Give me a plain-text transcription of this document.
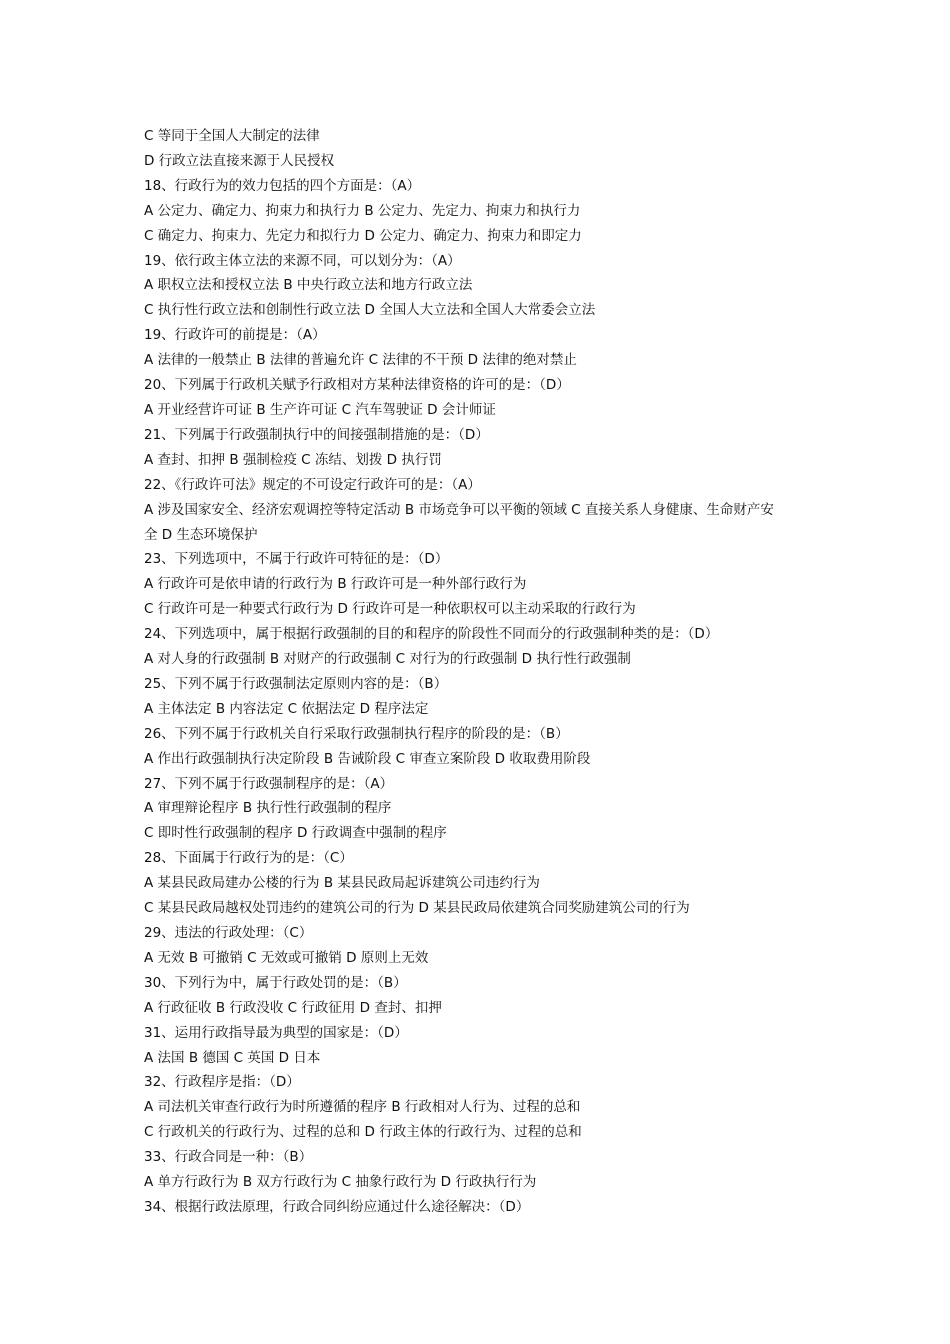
C 等同于全国人大制定的法律

D 行政立法直接来源于人民授权

18、行政行为的效力包括的四个方面是：（A）

A 公定力、确定力、拘束力和执行力 B 公定力、先定力、拘束力和执行力

C 确定力、拘束力、先定力和拟行力 D 公定力、确定力、拘束力和即定力

19、依行政主体立法的来源不同，可以划分为：（A）

A 职权立法和授权立法 B 中央行政立法和地方行政立法

C 执行性行政立法和创制性行政立法 D 全国人大立法和全国人大常委会立法

19、行政许可的前提是：（A）

A 法律的一般禁止 B 法律的普遍允许 C 法律的不干预 D 法律的绝对禁止

20、下列属于行政机关赋予行政相对方某种法律资格的许可的是：（D）

A 开业经营许可证 B 生产许可证 C 汽车驾驶证 D 会计师证

21、下列属于行政强制执行中的间接强制措施的是：（D）

A 查封、扣押 B 强制检疫 C 冻结、划拨 D 执行罚

22、《行政许可法》规定的不可设定行政许可的是：（A）

A 涉及国家安全、经济宏观调控等特定活动 B 市场竞争可以平衡的领域 C 直接关系人身健康、生命财产安

全 D 生态环境保护

23、下列选项中，不属于行政许可特征的是：（D）

A 行政许可是依申请的行政行为 B 行政许可是一种外部行政行为

C 行政许可是一种要式行政行为 D 行政许可是一种依职权可以主动采取的行政行为

24、下列选项中，属于根据行政强制的目的和程序的阶段性不同而分的行政强制种类的是：（D）

A 对人身的行政强制 B 对财产的行政强制 C 对行为的行政强制 D 执行性行政强制

25、下列不属于行政强制法定原则内容的是：（B）

A 主体法定 B 内容法定 C 依据法定 D 程序法定

26、下列不属于行政机关自行采取行政强制执行程序的阶段的是：（B）

A 作出行政强制执行决定阶段 B 告诫阶段 C 审查立案阶段 D 收取费用阶段

27、下列不属于行政强制程序的是：（A）

A 审理辩论程序 B 执行性行政强制的程序

C 即时性行政强制的程序 D 行政调查中强制的程序

28、下面属于行政行为的是：（C）

A 某县民政局建办公楼的行为 B 某县民政局起诉建筑公司违约行为

C 某县民政局越权处罚违约的建筑公司的行为 D 某县民政局依建筑合同奖励建筑公司的行为

29、违法的行政处理：（C）

A 无效 B 可撤销 C 无效或可撤销 D 原则上无效

30、下列行为中，属于行政处罚的是：（B）

A 行政征收 B 行政没收 C 行政征用 D 查封、扣押

31、运用行政指导最为典型的国家是：（D）

A 法国 B 德国 C 英国 D 日本

32、行政程序是指：（D）

A 司法机关审查行政行为时所遵循的程序 B 行政相对人行为、过程的总和

C 行政机关的行政行为、过程的总和 D 行政主体的行政行为、过程的总和

33、行政合同是一种：（B）

A 单方行政行为 B 双方行政行为 C 抽象行政行为 D 行政执行行为

34、根据行政法原理，行政合同纠纷应通过什么途径解决：（D）
